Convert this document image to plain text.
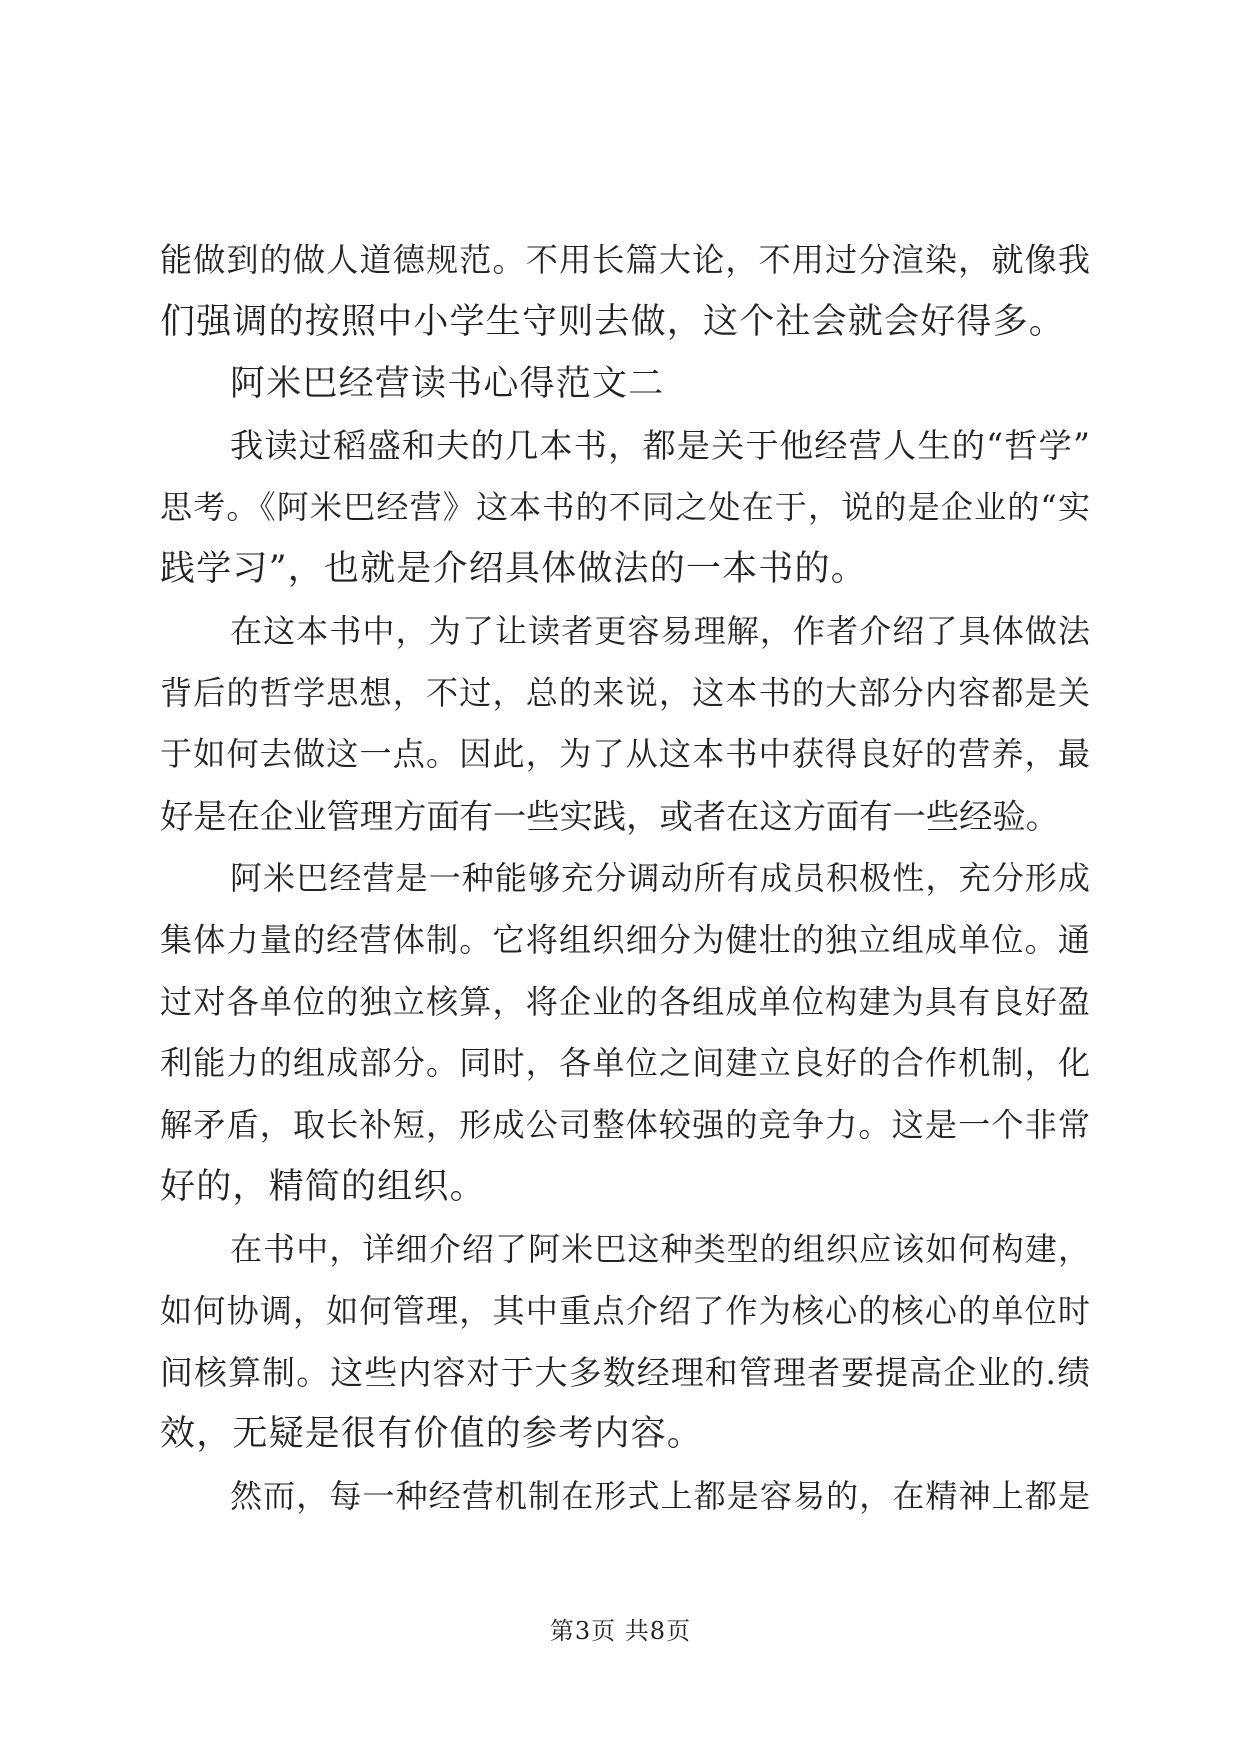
能做到的做人道德规范。不用长篇大论，不用过分渲染，就像我
们强调的按照中小学生守则去做，这个社会就会好得多。
阿米巴经营读书心得范文二
我读过稻盛和夫的几本书，都是关于他经营人生的“哲学”
思考。《阿米巴经营》这本书的不同之处在于，说的是企业的“实
践学习”，也就是介绍具体做法的一本书的。
在这本书中，为了让读者更容易理解，作者介绍了具体做法
背后的哲学思想，不过，总的来说，这本书的大部分内容都是关
于如何去做这一点。因此，为了从这本书中获得良好的营养，最
好是在企业管理方面有一些实践，或者在这方面有一些经验。
阿米巴经营是一种能够充分调动所有成员积极性，充分形成
集体力量的经营体制。它将组织细分为健壮的独立组成单位。通
过对各单位的独立核算，将企业的各组成单位构建为具有良好盈
利能力的组成部分。同时，各单位之间建立良好的合作机制，化
解矛盾，取长补短，形成公司整体较强的竞争力。这是一个非常
好的，精简的组织。
在书中，详细介绍了阿米巴这种类型的组织应该如何构建，
如何协调，如何管理，其中重点介绍了作为核心的核心的单位时
间核算制。这些内容对于大多数经理和管理者要提高企业的.绩
效，无疑是很有价值的参考内容。
然而，每一种经营机制在形式上都是容易的，在精神上都是
第3页 共8页
